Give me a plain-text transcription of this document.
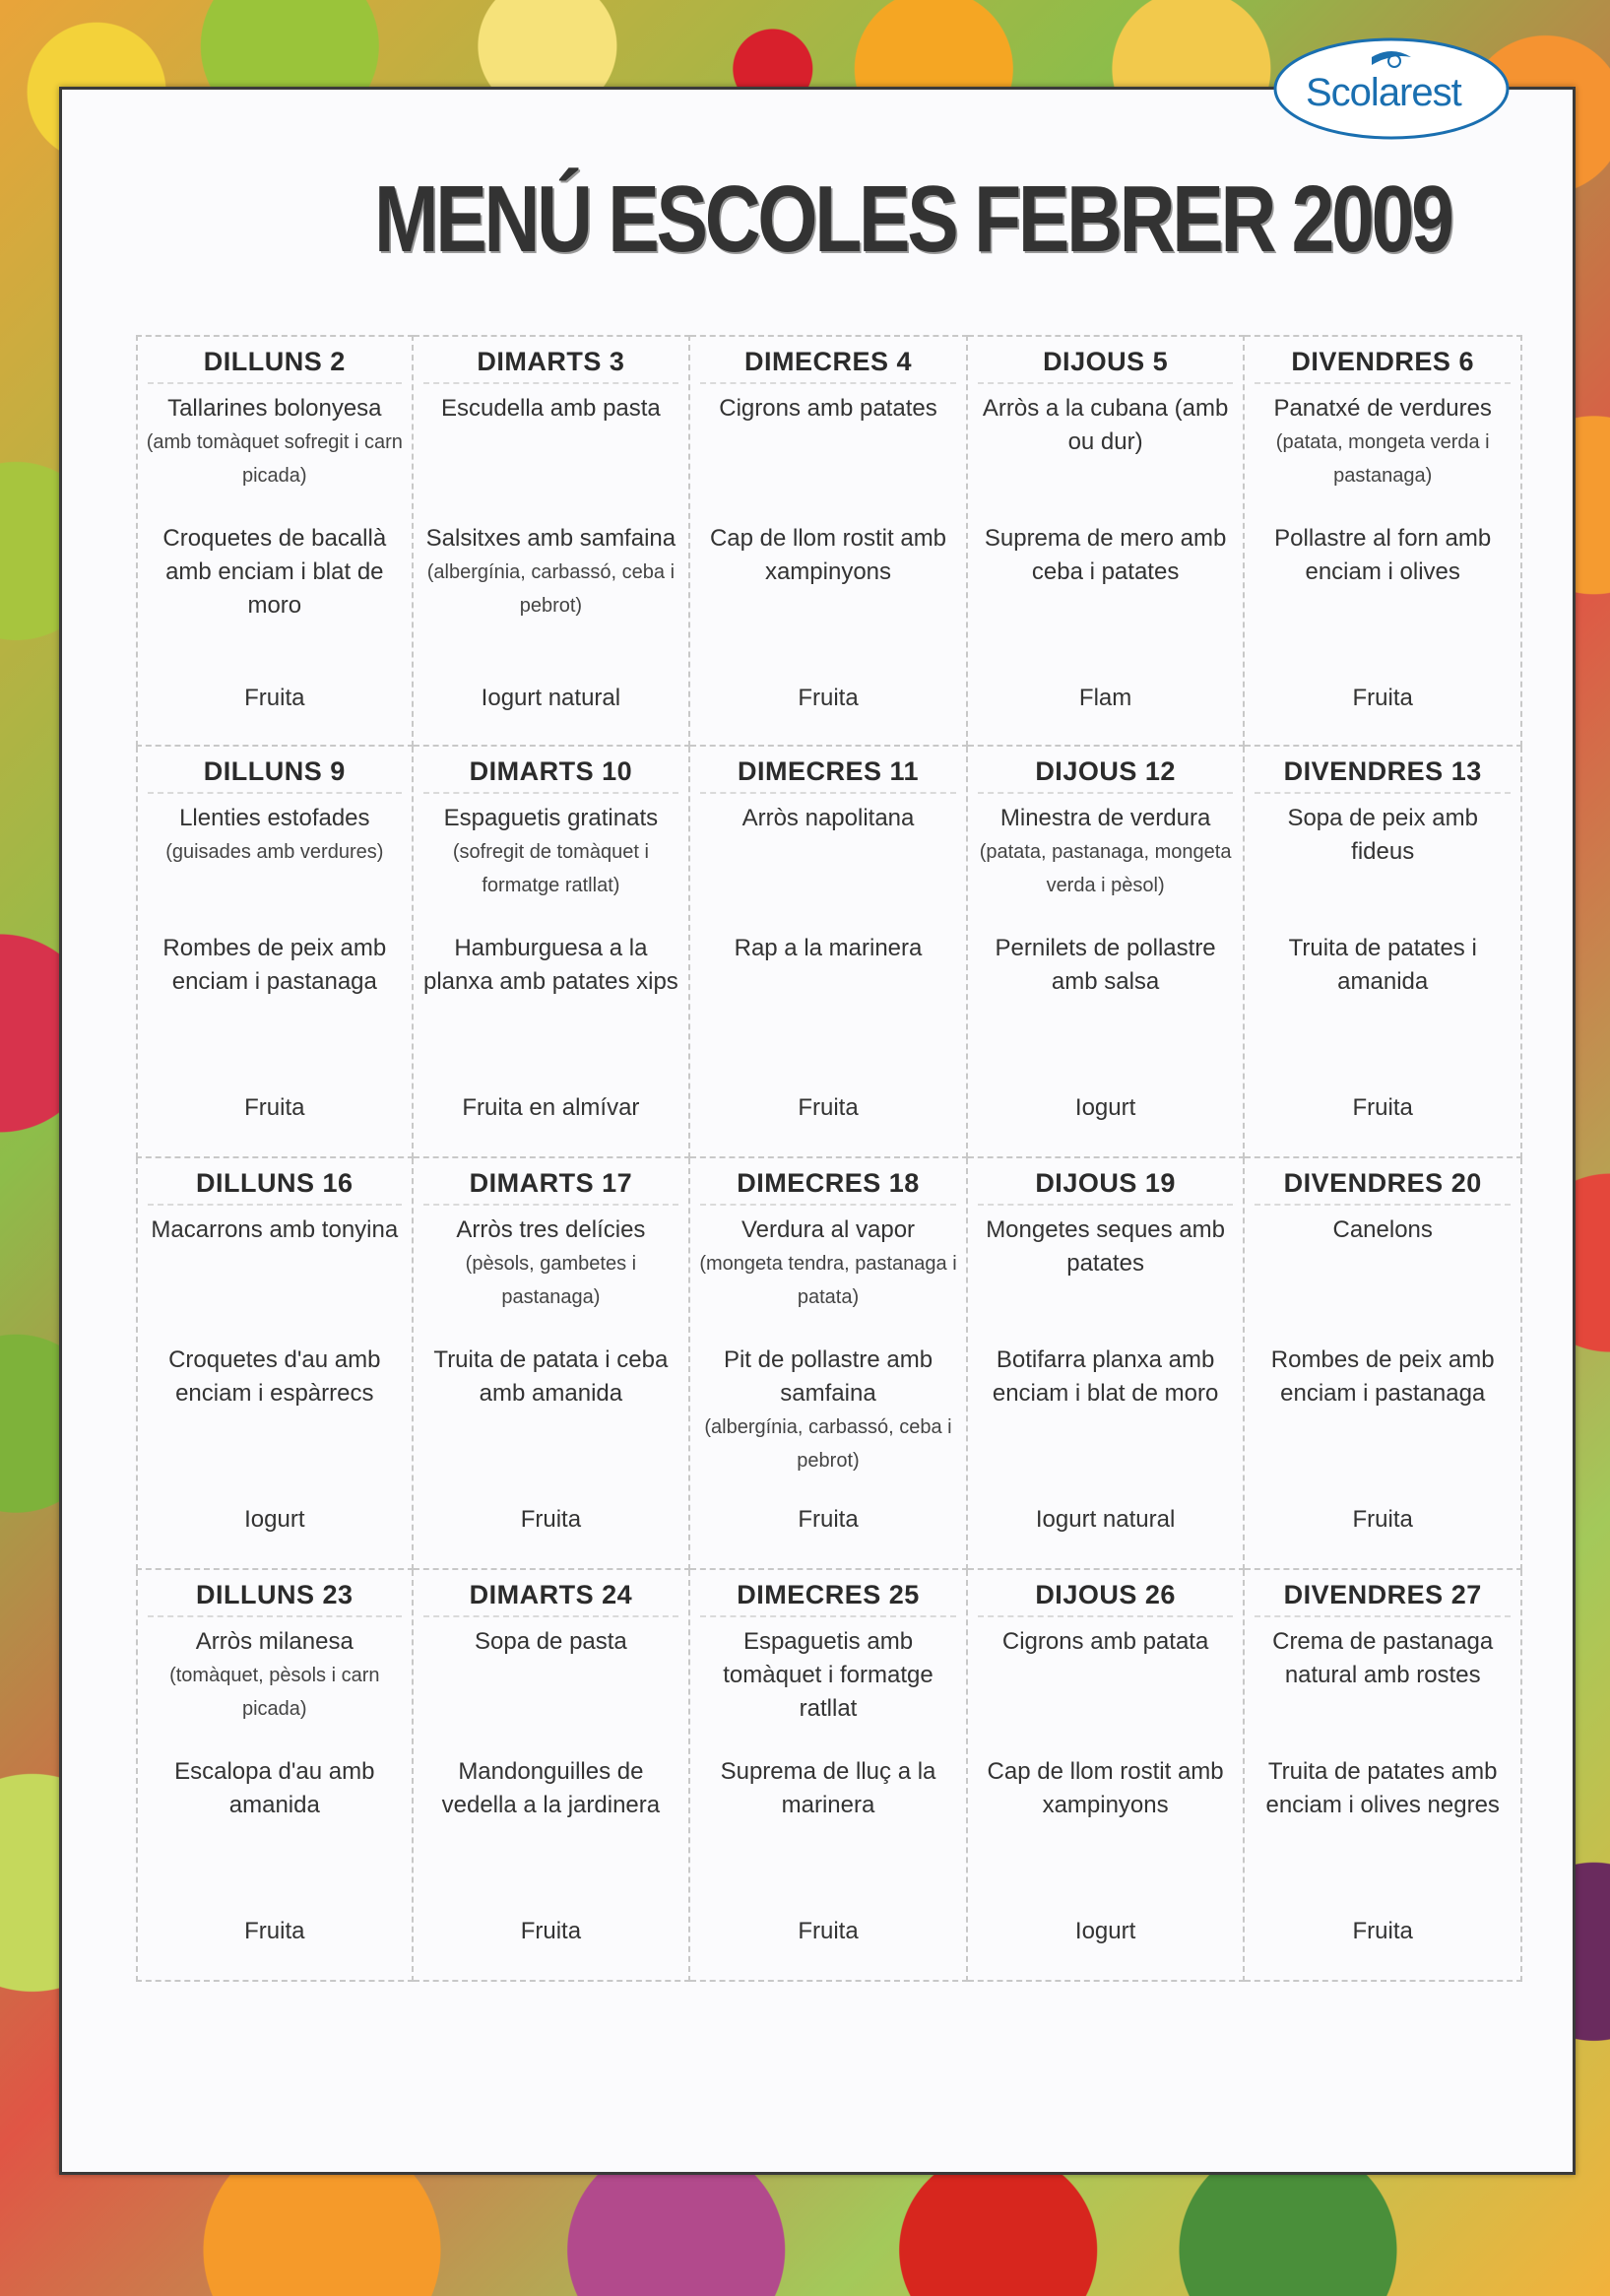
Scolarest
MENÚ ESCOLES FEBRER 2009
DILLUNS 2
Tallarines bolonyesa
(amb tomàquet sofregit i carn picada)
Croquetes de bacallà amb enciam i blat de moro
Fruita
DIMARTS 3
Escudella amb pasta
Salsitxes amb samfaina
(albergínia, carbassó, ceba i pebrot)
Iogurt natural
DIMECRES 4
Cigrons amb patates
Cap de llom rostit amb xampinyons
Fruita
DIJOUS 5
Arròs a la cubana (amb ou dur)
Suprema de mero amb ceba i patates
Flam
DIVENDRES 6
Panatxé de verdures
(patata, mongeta verda i pastanaga)
Pollastre al forn amb enciam i olives
Fruita
DILLUNS 9
Llenties estofades
(guisades amb verdures)
Rombes de peix amb enciam i pastanaga
Fruita
DIMARTS 10
Espaguetis gratinats
(sofregit de tomàquet i formatge ratllat)
Hamburguesa a la planxa amb patates xips
Fruita en almívar
DIMECRES 11
Arròs napolitana
Rap a la marinera
Fruita
DIJOUS 12
Minestra de verdura
(patata, pastanaga, mongeta verda i pèsol)
Pernilets de pollastre amb salsa
Iogurt
DIVENDRES 13
Sopa de peix amb fideus
Truita de patates i amanida
Fruita
DILLUNS 16
Macarrons amb tonyina
Croquetes d'au amb enciam i espàrrecs
Iogurt
DIMARTS 17
Arròs tres delícies
(pèsols, gambetes i pastanaga)
Truita de patata i ceba amb amanida
Fruita
DIMECRES 18
Verdura al vapor
(mongeta tendra, pastanaga i patata)
Pit de pollastre amb samfaina
(albergínia, carbassó, ceba i pebrot)
Fruita
DIJOUS 19
Mongetes seques amb patates
Botifarra planxa amb enciam i blat de moro
Iogurt natural
DIVENDRES 20
Canelons
Rombes de peix amb enciam i pastanaga
Fruita
DILLUNS 23
Arròs milanesa
(tomàquet, pèsols i carn picada)
Escalopa d'au amb amanida
Fruita
DIMARTS 24
Sopa de pasta
Mandonguilles de vedella a la jardinera
Fruita
DIMECRES 25
Espaguetis amb tomàquet i formatge ratllat
Suprema de lluç a la marinera
Fruita
DIJOUS 26
Cigrons amb patata
Cap de llom rostit amb xampinyons
Iogurt
DIVENDRES 27
Crema de pastanaga natural amb rostes
Truita de patates amb enciam i olives negres
Fruita
